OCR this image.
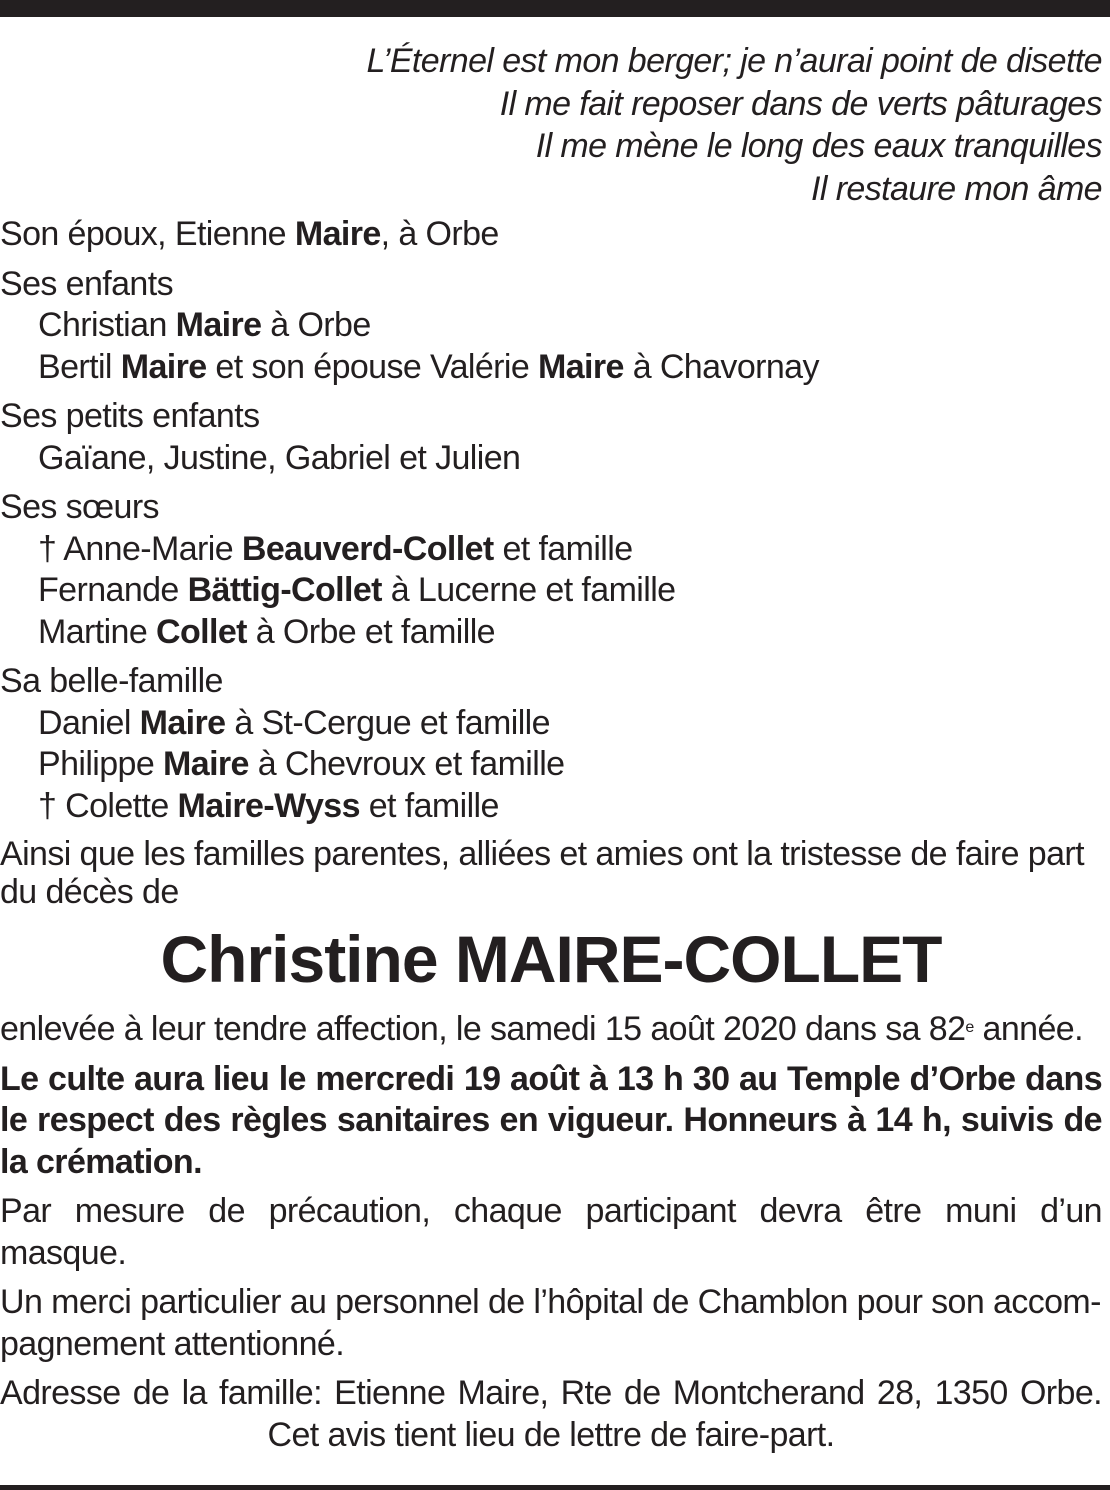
L’Éternel est mon berger; je n’aurai point de disette
Il me fait reposer dans de verts pâturages
Il me mène le long des eaux tranquilles
Il restaure mon âme
Son époux, Etienne Maire, à Orbe
Ses enfants
Christian Maire à Orbe
Bertil Maire et son épouse Valérie Maire à Chavornay
Ses petits enfants
Gaïane, Justine, Gabriel et Julien
Ses sœurs
† Anne-Marie Beauverd-Collet et famille
Fernande Bättig-Collet à Lucerne et famille
Martine Collet à Orbe et famille
Sa belle-famille
Daniel Maire à St-Cergue et famille
Philippe Maire à Chevroux et famille
† Colette Maire-Wyss et famille
Ainsi que les familles parentes, alliées et amies ont la tristesse de faire part
du décès de
Christine MAIRE-COLLET
enlevée à leur tendre affection, le samedi 15 août 2020 dans sa 82e année.
Le culte aura lieu le mercredi 19 août à 13 h 30 au Temple d’Orbe dans le respect des règles sanitaires en vigueur. Honneurs à 14 h, suivis de la crémation.
Par mesure de précaution, chaque participant devra être muni d’un masque.
Un merci particulier au personnel de l’hôpital de Chamblon pour son accom-pagnement attentionné.
Adresse de la famille: Etienne Maire, Rte de Montcherand 28, 1350 Orbe.
Cet avis tient lieu de lettre de faire-part.
